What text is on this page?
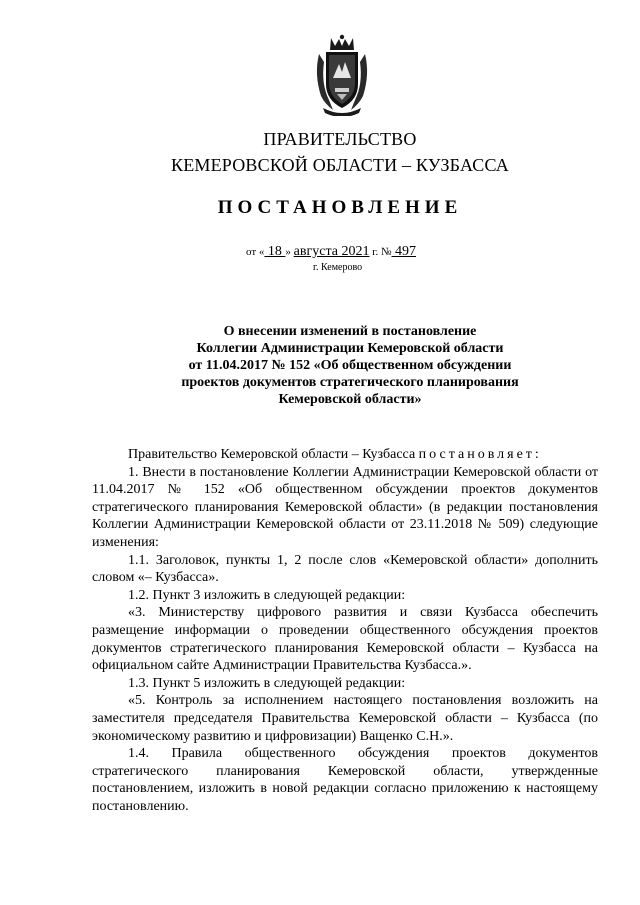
ПРАВИТЕЛЬСТВО
КЕМЕРОВСКОЙ ОБЛАСТИ – КУЗБАССА
ПОСТАНОВЛЕНИЕ
от « 18 » августа 2021 г. № 497
г. Кемерово
О внесении изменений в постановление
Коллегии Администрации Кемеровской области
от 11.04.2017 № 152 «Об общественном обсуждении
проектов документов стратегического планирования
Кемеровской области»

Правительство Кемеровской области – Кузбасса постановляет:

1. Внести в постановление Коллегии Администрации Кемеровской области от 11.04.2017 № 152 «Об общественном обсуждении проектов документов стратегического планирования Кемеровской области» (в редакции постановления Коллегии Администрации Кемеровской области от 23.11.2018 № 509) следующие изменения:

1.1. Заголовок, пункты 1, 2 после слов «Кемеровской области» дополнить словом «– Кузбасса».

1.2. Пункт 3 изложить в следующей редакции:

«3. Министерству цифрового развития и связи Кузбасса обеспечить размещение информации о проведении общественного обсуждения проектов документов стратегического планирования Кемеровской области – Кузбасса на официальном сайте Администрации Правительства Кузбасса.».

1.3. Пункт 5 изложить в следующей редакции:

«5. Контроль за исполнением настоящего постановления возложить на заместителя председателя Правительства Кемеровской области – Кузбасса (по экономическому развитию и цифровизации) Ващенко С.Н.».

1.4. Правила общественного обсуждения проектов документов стратегического планирования Кемеровской области, утвержденные постановлением, изложить в новой редакции согласно приложению к настоящему постановлению.
